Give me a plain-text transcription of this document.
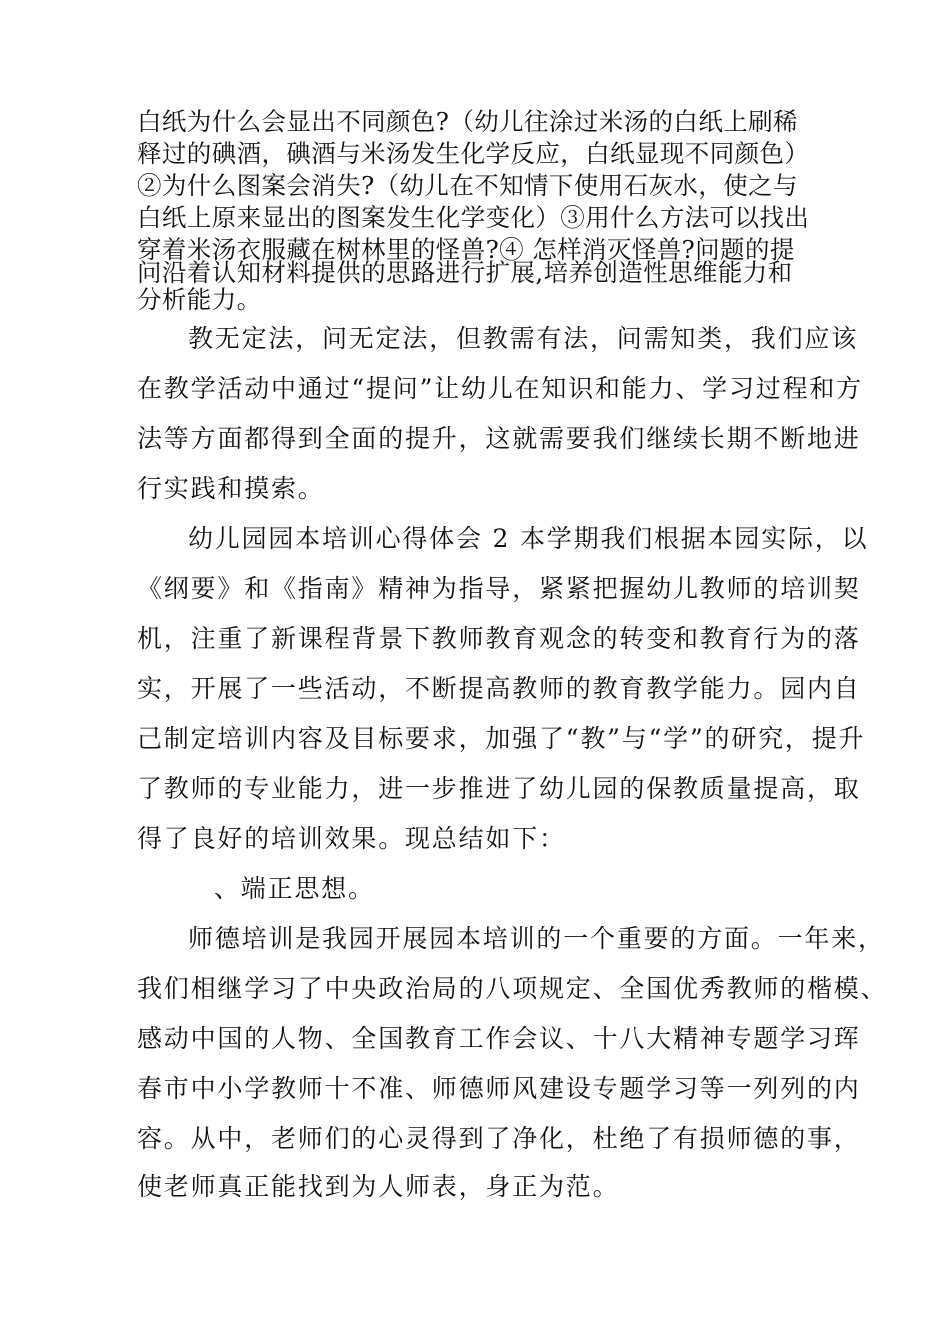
白纸为什么会显出不同颜色?（幼儿往涂过米汤的白纸上刷稀

释过的碘酒，碘酒与米汤发生化学反应，白纸显现不同颜色）

②为什么图案会消失?（幼儿在不知情下使用石灰水，使之与

白纸上原来显出的图案发生化学变化）③用什么方法可以找出

穿着米汤衣服藏在树林里的怪兽?④ 怎样消灭怪兽?问题的提

问沿着认知材料提供的思路进行扩展,培养创造性思维能力和

分析能力。

教无定法，问无定法，但教需有法，问需知类，我们应该

在教学活动中通过“提问”让幼儿在知识和能力、学习过程和方

法等方面都得到全面的提升，这就需要我们继续长期不断地进

行实践和摸索。

幼儿园园本培训心得体会 2 本学期我们根据本园实际，以

《纲要》和《指南》精神为指导，紧紧把握幼儿教师的培训契

机，注重了新课程背景下教师教育观念的转变和教育行为的落

实，开展了一些活动，不断提高教师的教育教学能力。园内自

己制定培训内容及目标要求，加强了“教”与“学”的研究，提升

了教师的专业能力，进一步推进了幼儿园的保教质量提高，取

得了良好的培训效果。现总结如下：

、端正思想。

师德培训是我园开展园本培训的一个重要的方面。一年来，

我们相继学习了中央政治局的八项规定、全国优秀教师的楷模、

感动中国的人物、全国教育工作会议、十八大精神专题学习珲

春市中小学教师十不准、师德师风建设专题学习等一列列的内

容。从中，老师们的心灵得到了净化，杜绝了有损师德的事，

使老师真正能找到为人师表，身正为范。
